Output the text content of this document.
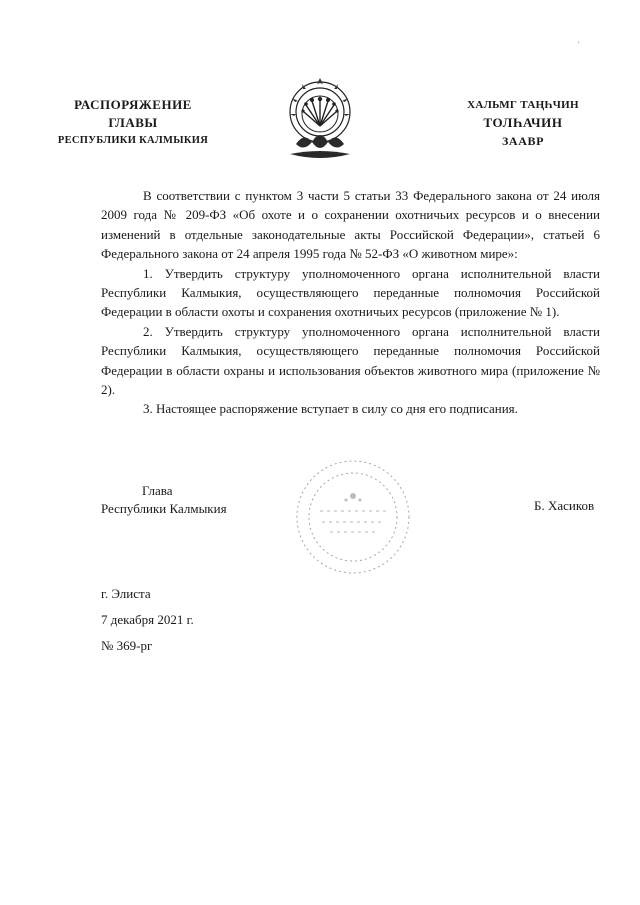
'
РАСПОРЯЖЕНИЕ
ГЛАВЫ
РЕСПУБЛИКИ КАЛМЫКИЯ
ХАЛЬМГ ТАҢҺЧИН
ТОЛҺАЧИН
ЗААВР

В соответствии с пунктом 3 части 5 статьи 33 Федерального закона от 24 июля 2009 года № 209-ФЗ «Об охоте и о сохранении охотничьих ресурсов и о внесении изменений в отдельные законодательные акты Российской Федерации», статьей 6 Федерального закона от 24 апреля 1995 года № 52-ФЗ «О животном мире»:

1. Утвердить структуру уполномоченного органа исполнительной власти Республики Калмыкия, осуществляющего переданные полномочия Российской Федерации в области охоты и сохранения охотничьих ресурсов (приложение № 1).

2. Утвердить структуру уполномоченного органа исполнительной власти Республики Калмыкия, осуществляющего переданные полномочия Российской Федерации в области охраны и использования объектов животного мира (приложение № 2).

3. Настоящее распоряжение вступает в силу со дня его подписания.

Глава
Республики Калмыкия	Б. Хасиков
г. Элиста
7 декабря 2021 г.
№ 369-рг
